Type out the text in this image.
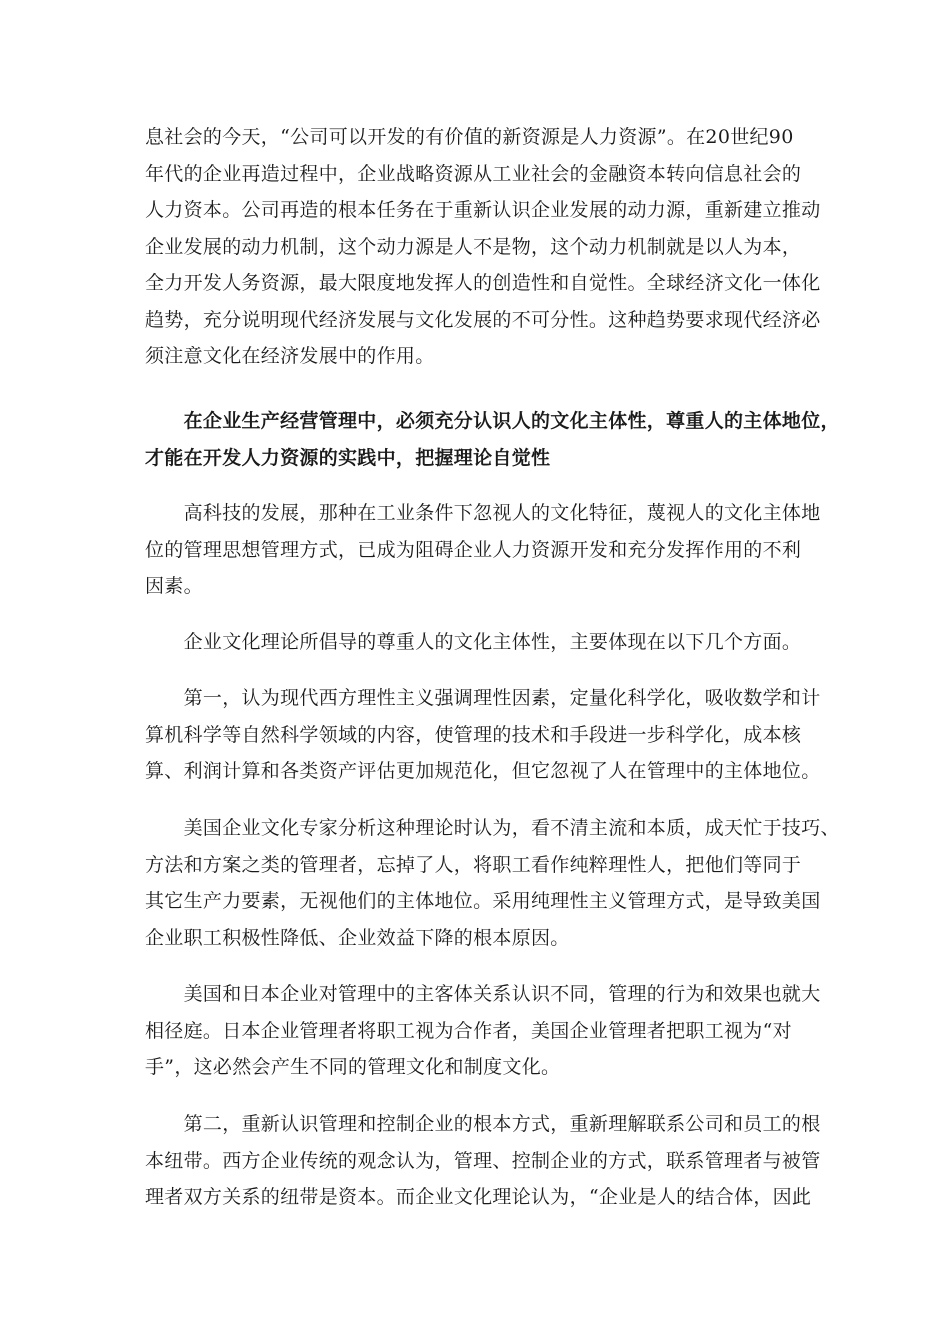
息社会的今天，“公司可以开发的有价值的新资源是人力资源”。在20世纪90
年代的企业再造过程中，企业战略资源从工业社会的金融资本转向信息社会的
人力资本。公司再造的根本任务在于重新认识企业发展的动力源，重新建立推动
企业发展的动力机制，这个动力源是人不是物，这个动力机制就是以人为本，
全力开发人务资源，最大限度地发挥人的创造性和自觉性。全球经济文化一体化
趋势，充分说明现代经济发展与文化发展的不可分性。这种趋势要求现代经济必
须注意文化在经济发展中的作用。
　　在企业生产经营管理中，必须充分认识人的文化主体性，尊重人的主体地位，
才能在开发人力资源的实践中，把握理论自觉性
　　高科技的发展，那种在工业条件下忽视人的文化特征，蔑视人的文化主体地
位的管理思想管理方式，已成为阻碍企业人力资源开发和充分发挥作用的不利
因素。
　　企业文化理论所倡导的尊重人的文化主体性，主要体现在以下几个方面。
　　第一，认为现代西方理性主义强调理性因素，定量化科学化，吸收数学和计
算机科学等自然科学领域的内容，使管理的技术和手段进一步科学化，成本核
算、利润计算和各类资产评估更加规范化，但它忽视了人在管理中的主体地位。
　　美国企业文化专家分析这种理论时认为，看不清主流和本质，成天忙于技巧、
方法和方案之类的管理者，忘掉了人，将职工看作纯粹理性人，把他们等同于
其它生产力要素，无视他们的主体地位。采用纯理性主义管理方式，是导致美国
企业职工积极性降低、企业效益下降的根本原因。
　　美国和日本企业对管理中的主客体关系认识不同，管理的行为和效果也就大
相径庭。日本企业管理者将职工视为合作者，美国企业管理者把职工视为“对
手”，这必然会产生不同的管理文化和制度文化。
　　第二，重新认识管理和控制企业的根本方式，重新理解联系公司和员工的根
本纽带。西方企业传统的观念认为，管理、控制企业的方式，联系管理者与被管
理者双方关系的纽带是资本。而企业文化理论认为，“企业是人的结合体，因此
